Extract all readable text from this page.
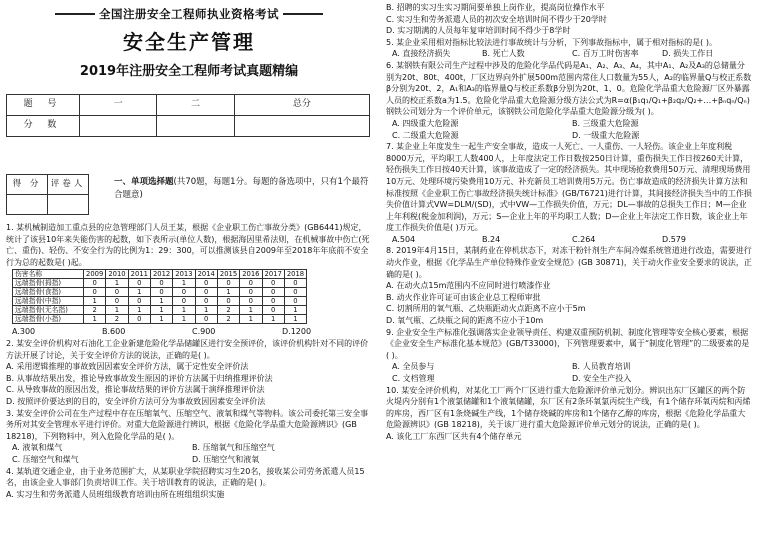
全国注册安全工程师执业资格考试
安全生产管理
2019年注册安全工程师考试真题精编
题 号	一	二	总分
分 数			
得 分	评卷人
		一、单项选择题(共70题，每题1分。每题的备选项中，只有1个最符合题意)

1. 某机械制造加工重点县的应急管理部门人员王某，根据《企业职工伤亡事故分类》(GB6441)规定，统计了该县10年来失能伤害的起数，如下表所示(单位人数)，根据海因里希法则，在机械事故中伤亡(死亡、重伤)、轻伤、不安全行为的比例为1：29：300，可以推测该县自2009年至2018年年底前不安全行为总的起数是( )起。

伤害名称	2009	2010	2011	2012	2013	2014	2015	2016	2017	2018
远端指骨(拇指)	0	1	0	0	1	0	0	0	0	0
远端指骨(食指)	0	0	1	0	0	0	1	0	0	0
远端指骨(中指)	1	0	0	1	0	0	0	0	0	0
远端指骨(无名指)	2	1	1	1	1	1	2	1	0	1
远端指骨(小指)	1	2	0	1	1	0	2	1	1	1
A.300	B.600	C.900	D.1200

2. 某安全评价机构对石油化工企业新建危险化学品储罐区进行安全预评价，该评价机构针对不同的评价方法开展了讨论，关于安全评价方法的说法，正确的是( )。

A. 采用逻辑推理的事故致因因素安全评价方法，属于定性安全评价法

B. 从事故结果出发，推论导致事故发生原因的评价方法属于归纳推理评价法

C. 从导致事故的原因出发，推论事故结果的评价方法属于演绎推理评价法

D. 按照评价要达到的目的，安全评价方法可分为事故致因因素安全评价法

3. 某安全评价公司在生产过程中存在压缩氧气、压缩空气、液氧和煤气等物料。该公司委托第三安全事务所对其安全管理水平进行评价。对重大危险源进行辨识，根据《危险化学品重大危险源辨识》(GB 18218)，下列物料中，列入危险化学品的是( )。

A. 液氧和煤气	B. 压缩氧气和压缩空气
C. 压缩空气和煤气	D. 压缩空气和液氧

4. 某轨道交通企业，由于业务范围扩大，从某职业学院招聘实习生20名，接收某公司劳务派遣人员15名，由该企业人事部门负责培训工作。关于培训教育的说法，正确的是( )。

A. 实习生和劳务派遣人员班组级教育培训由所在班组组织实施

B. 招聘的实习生实习期间要单独上岗作业，提高岗位操作水平

C. 实习生和劳务派遣人员的初次安全培训时间不得少于20学时

D. 实习期满的人员每年复审培训时间不得少于8学时

5. 某企业采用相对指标比较法进行事故统计与分析，下列事故指标中，属于相对指标的是( )。

A. 直接经济损失	B. 死亡人数	C. 百万工时伤害率	D. 损失工作日

6. 某钢铁有限公司生产过程中涉及的危险化学品代码是A₁、A₂、A₃、A₄，其中A₁、A₂及A₃的总储量分别为20t、80t、400t，厂区边界向外扩展500m范围内常住人口数量为55人，A₂的临界量Q与校正系数β分别为20t、2，A₁和A₃的临界量Q与校正系数β分别为20t、1、0。危险化学品重大危险源厂区外暴露人员的校正系数a为1.5。危险化学品重大危险源分级方法公式为R=α(β₁q₁/Q₁+β₂q₂/Q₂+…+βₙqₙ/Qₙ)钢铁公司划分为一个评价单元，该钢铁公司危险化学品重大危险源分级为( )。

A. 四级重大危险源	B. 三级重大危险源
C. 二级重大危险源	D. 一级重大危险源

7. 某企业上年度发生一起生产安全事故，造成一人死亡、一人重伤、一人轻伤。该企业上年度利税8000万元，平均职工人数400人，上年度法定工作日数按250日计算，重伤损失工作日按260天计算，轻伤损失工作日按40天计算，该事故造成了一定的经济损失。其中现场抢救费用50万元、清理现场费用10万元、处理环境污染费用10万元、补充新员工培训费用5万元。伤亡事故造成的经济损失计算方法和标准按照《企业职工伤亡事故经济损失统计标准》(GB/T6721)进行计算，其间接经济损失当中的工作损失价值计算式VW=DLM/(SD)，式中VW—工作损失价值，万元；DL—事故的总损失工作日；M—企业上年利税(税金加利润)，万元；S—企业上年的平均职工人数；D—企业上年法定工作日数，该企业上年度工作损失价值是( )万元。

A.504	B.24	C.264	D.579

8. 2019年4月15日，某制药业在停机状态下，对冻干粉针剂生产车间冷媒系统管道进行改造，需要进行动火作业，根据《化学品生产单位特殊作业安全规范》(GB 30871)，关于动火作业安全要求的说法，正确的是( )。

A. 在动火点15m范围内不应同时进行喷漆作业

B. 动火作业许可证可由该企业总工程师审批

C. 切割所用的氧气瓶、乙炔瓶距动火点距离不应小于5m

D. 氧气瓶、乙炔瓶之间的距离不应小于10m

9. 企业安全生产标准化强调落实企业领导责任、构建双重预防机制、制度化管理等安全核心要素，根据《企业安全生产标准化基本规范》(GB/T33000)，下列管理要素中，属于“制度化管理”的二级要素的是( )。

A. 全员参与	B. 人员教育培训
C. 文档管理	D. 安全生产投入

10. 某安全评价机构，对某化工厂两个厂区进行重大危险源评价单元划分。辨识出东厂区罐区的两个防火堤内分别有1个液氯储罐和1个液氧储罐，东厂区有2条环氧氯丙烷生产线，有1个储存环氧丙烷和丙烯的库房，西厂区有1条烧碱生产线，1个储存烧碱的库房和1个储存乙醇的库房，根据《危险化学品重大危险源辨识》(GB 18218)，关于该厂进行重大危险源评价单元划分的说法，正确的是( )。

A. 该化工厂东西厂区共有4个储存单元
